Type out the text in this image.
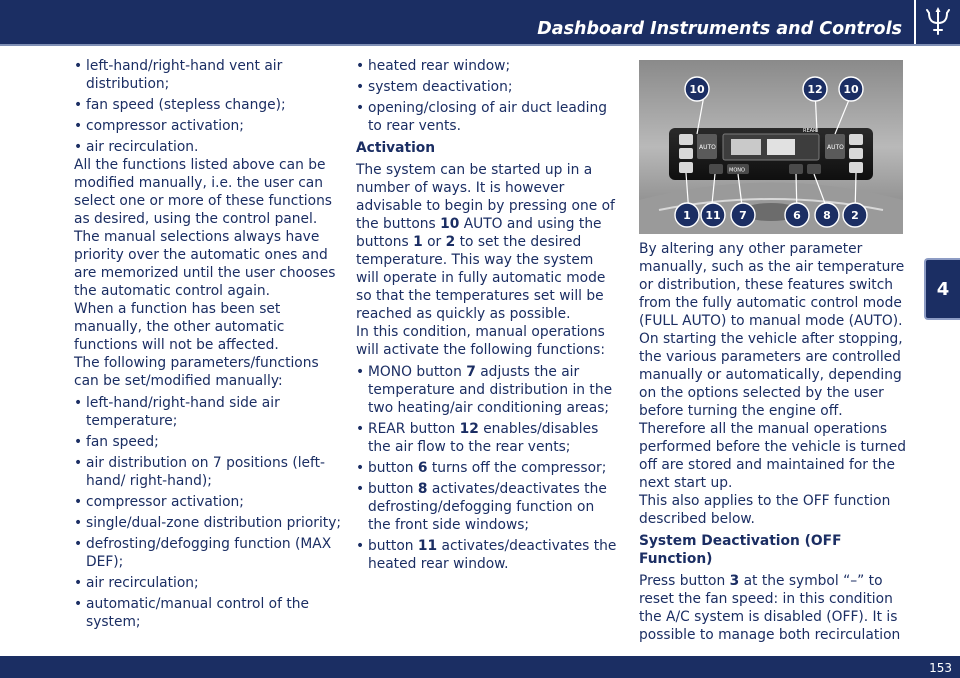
Dashboard Instruments and Controls
4
• left-hand/right-hand vent air distribution;
• fan speed (stepless change);
• compressor activation;
• air recirculation.

All the functions listed above can be modified manually, i.e. the user can select one or more of these functions as desired, using the control panel. The manual selections always have priority over the automatic ones and are memorized until the user chooses the automatic control again.

When a function has been set manually, the other automatic functions will not be affected.

The following parameters/functions can be set/modified manually:

• left-hand/right-hand side air temperature;
• fan speed;
• air distribution on 7 positions (left-hand/ right-hand);
• compressor activation;
• single/dual-zone distribution priority;
• defrosting/defogging function (MAX DEF);
• air recirculation;
• automatic/manual control of the system;
• heated rear window;
• system deactivation;
• opening/closing of air duct leading to rear vents.
Activation

The system can be started up in a number of ways. It is however advisable to begin by pressing one of the buttons 10 AUTO and using the buttons 1 or 2 to set the desired temperature. This way the system will operate in fully automatic mode so that the temperatures set will be reached as quickly as possible.

In this condition, manual operations will activate the following functions:

• MONO button 7 adjusts the air temperature and distribution in the two heating/air conditioning areas;
• REAR button 12 enables/disables the air flow to the rear vents;
• button 6 turns off the compressor;
• button 8 activates/deactivates the defrosting/defogging function on the front side windows;
• button 11 activates/deactivates the heated rear window.
AUTO	AUTO
REAR
MONO
10	12 10
1 11 7	6 8 2

By altering any other parameter manually, such as the air temperature or distribution, these features switch from the fully automatic control mode (FULL AUTO) to manual mode (AUTO). On starting the vehicle after stopping, the various parameters are controlled manually or automatically, depending on the options selected by the user before turning the engine off. Therefore all the manual operations performed before the vehicle is turned off are stored and maintained for the next start up.

This also applies to the OFF function described below.

System Deactivation (OFF Function)

Press button 3 at the symbol “–” to reset the fan speed: in this condition the A/C system is disabled (OFF). It is possible to manage both recirculation

153
